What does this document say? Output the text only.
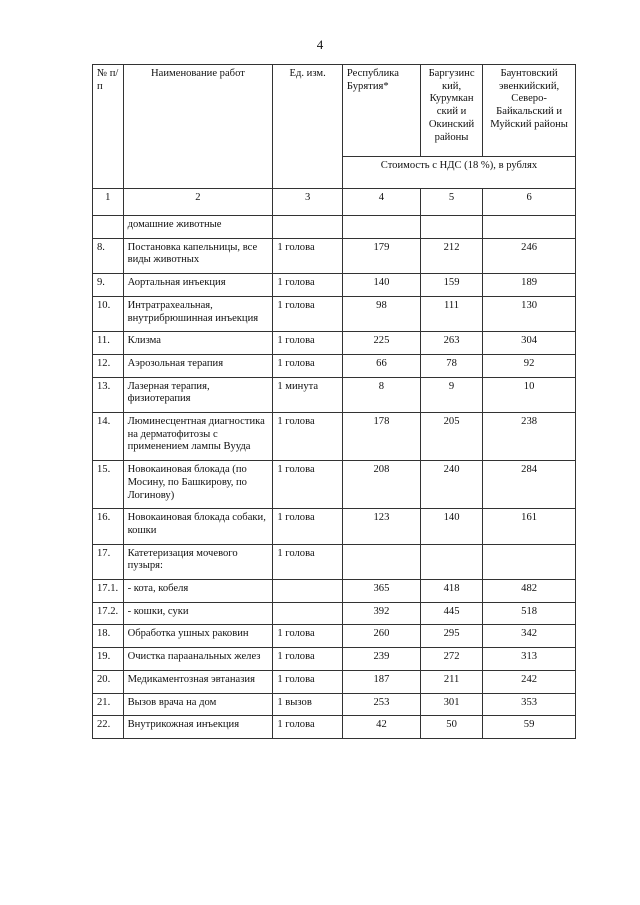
4
№ п/п	Наименование работ	Ед. изм.	Республика Бурятия*	Баргузинс кий, Курумкан ский и Окинский районы	Баунтовский эвенкийский, Северо-Байкальский и Муйский районы
			Стоимость с НДС (18 %), в рублях		
1	2	3	4	5	6
	домашние животные				
8.	Постановка капельницы, все виды животных	1 голова	179	212	246
9.	Аортальная инъекция	1 голова	140	159	189
10.	Интратрахеальная, внутрибрюшинная инъекция	1 голова	98	111	130
11.	Клизма	1 голова	225	263	304
12.	Аэрозольная терапия	1 голова	66	78	92
13.	Лазерная терапия, физиотерапия	1 минута	8	9	10
14.	Люминесцентная диагностика на дерматофитозы с применением лампы Вууда	1 голова	178	205	238
15.	Новокаиновая блокада (по Мосину, по Башкирову, по Логинову)	1 голова	208	240	284
16.	Новокаиновая блокада собаки, кошки	1 голова	123	140	161
17.	Катетеризация мочевого пузыря:	1 голова			
17.1.	- кота, кобеля		365	418	482
17.2.	- кошки, суки		392	445	518
18.	Обработка ушных раковин	1 голова	260	295	342
19.	Очистка параанальных желез	1 голова	239	272	313
20.	Медикаментозная эвтаназия	1 голова	187	211	242
21.	Вызов врача на дом	1 вызов	253	301	353
22.	Внутрикожная инъекция	1 голова	42	50	59
